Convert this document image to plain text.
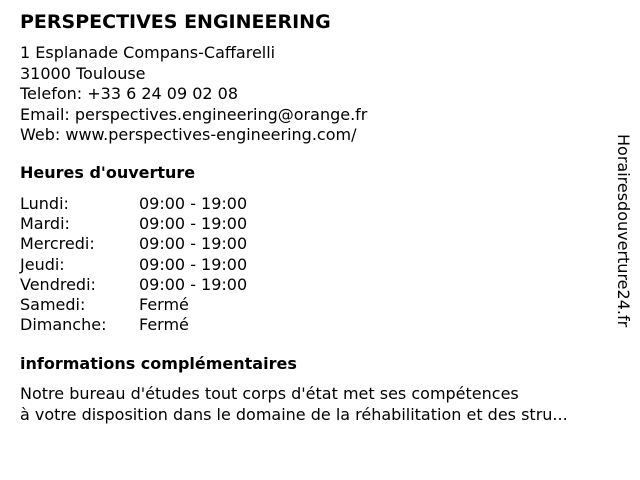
PERSPECTIVES ENGINEERING
1 Esplanade Compans-Caffarelli
31000 Toulouse
Telefon: +33 6 24 09 02 08
Email: perspectives.engineering@orange.fr
Web: www.perspectives-engineering.com/
Heures d'ouverture
Lundi:	09:00 - 19:00
Mardi:	09:00 - 19:00
Mercredi:	09:00 - 19:00
Jeudi:	09:00 - 19:00
Vendredi:	09:00 - 19:00
Samedi:	Fermé
Dimanche: Fermé
informations complémentaires
Notre bureau d'études tout corps d'état met ses compétences
à votre disposition dans le domaine de la réhabilitation et des stru...
Horairesdouverture24.fr
